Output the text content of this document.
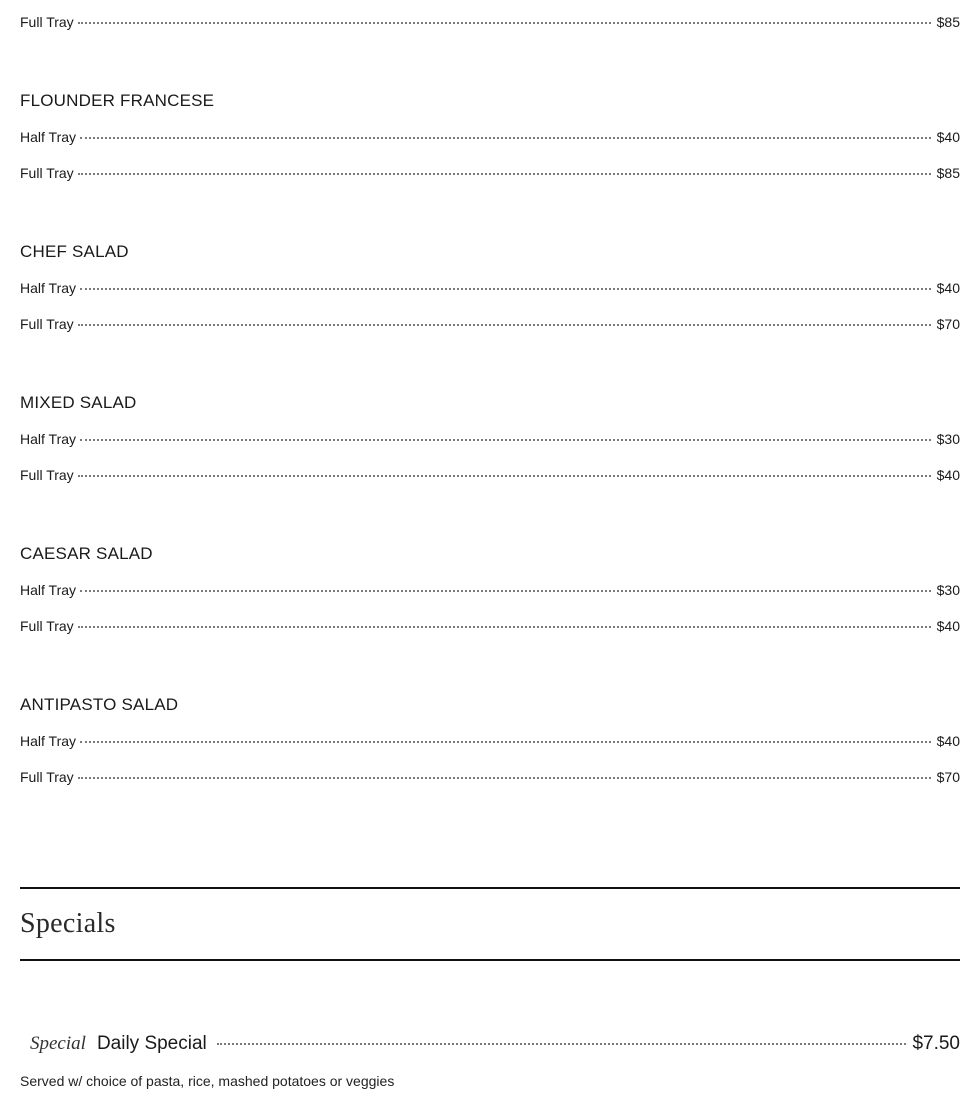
Full Tray	$85
FLOUNDER FRANCESE
Half Tray	$40
Full Tray	$85
CHEF SALAD
Half Tray	$40
Full Tray	$70
MIXED SALAD
Half Tray	$30
Full Tray	$40
CAESAR SALAD
Half Tray	$30
Full Tray	$40
ANTIPASTO SALAD
Half Tray	$40
Full Tray	$70
Specials
Special Daily Special	$7.50
Served w/ choice of pasta, rice, mashed potatoes or veggies
